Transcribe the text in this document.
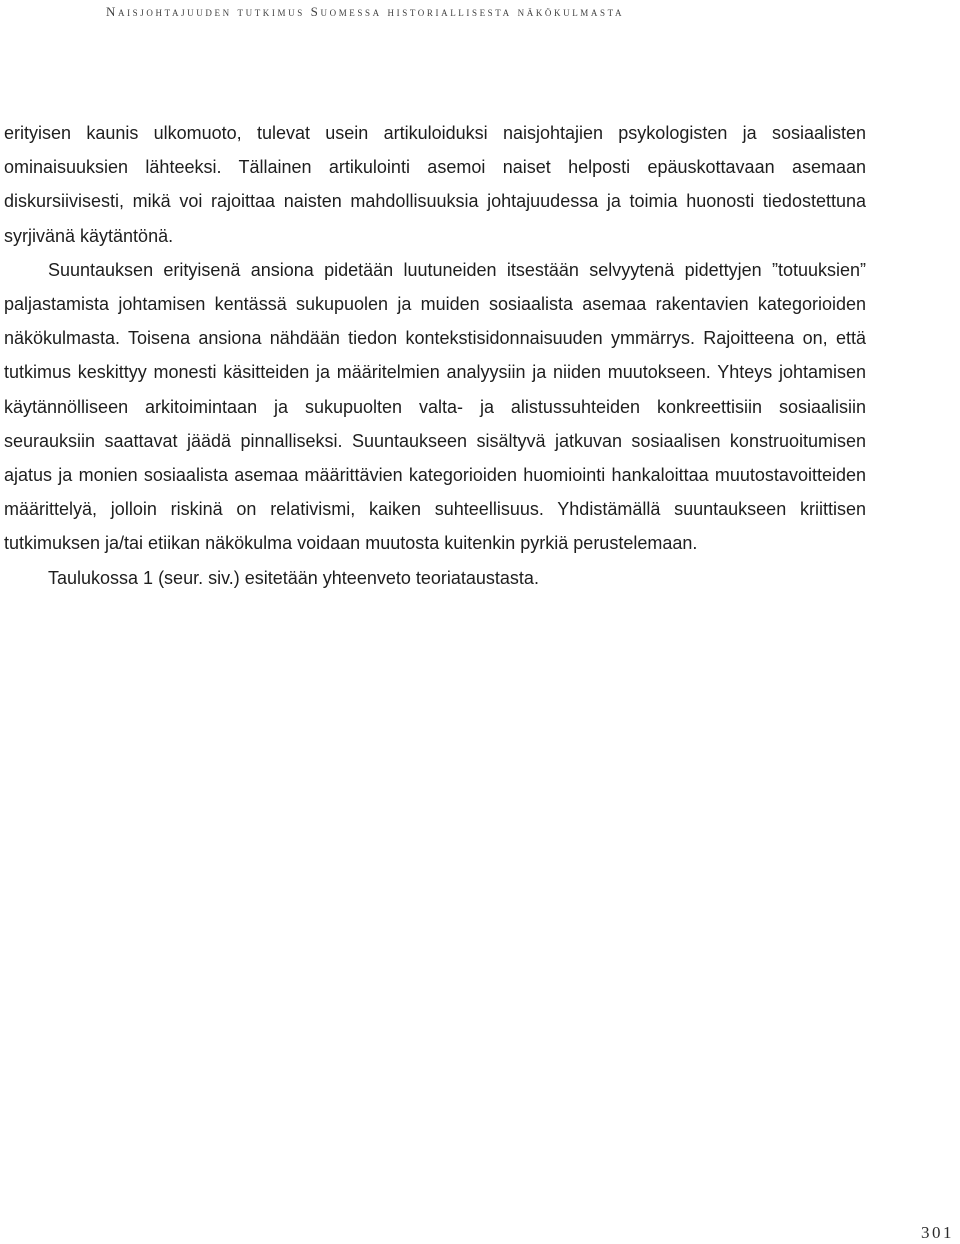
Naisjohtajuuden tutkimus Suomessa historiallisesta näkökulmasta

erityisen kaunis ulkomuoto, tulevat usein artikuloiduksi naisjohtajien psykologisten ja sosiaalisten ominaisuuksien lähteeksi. Tällainen artikulointi asemoi naiset helposti epäuskottavaan asemaan diskursiivisesti, mikä voi rajoittaa naisten mahdollisuuksia johtajuudessa ja toimia huonosti tiedostettuna syrjivänä käytäntönä.

Suuntauksen erityisenä ansiona pidetään luutuneiden itsestään selvyytenä pidettyjen ”totuuksien” paljastamista johtamisen kentässä sukupuolen ja muiden sosiaalista asemaa rakentavien kategorioiden näkökulmasta. Toisena ansiona nähdään tiedon kontekstisidonnaisuuden ymmärrys. Rajoitteena on, että tutkimus keskittyy monesti käsitteiden ja määritelmien analyysiin ja niiden muutokseen. Yhteys johtamisen käytännölliseen arkitoimintaan ja sukupuolten valta- ja alistussuhteiden konkreettisiin sosiaalisiin seurauksiin saattavat jäädä pinnalliseksi. Suuntaukseen sisältyvä jatkuvan sosiaalisen konstruoitumisen ajatus ja monien sosiaalista asemaa määrittävien kategorioiden huomiointi hankaloittaa muutostavoitteiden määrittelyä, jolloin riskinä on relativismi, kaiken suhteellisuus. Yhdistämällä suuntaukseen kriittisen tutkimuksen ja/tai etiikan näkökulma voidaan muutosta kuitenkin pyrkiä perustelemaan.

Taulukossa 1 (seur. siv.) esitetään yhteenveto teoriataustasta.

301
